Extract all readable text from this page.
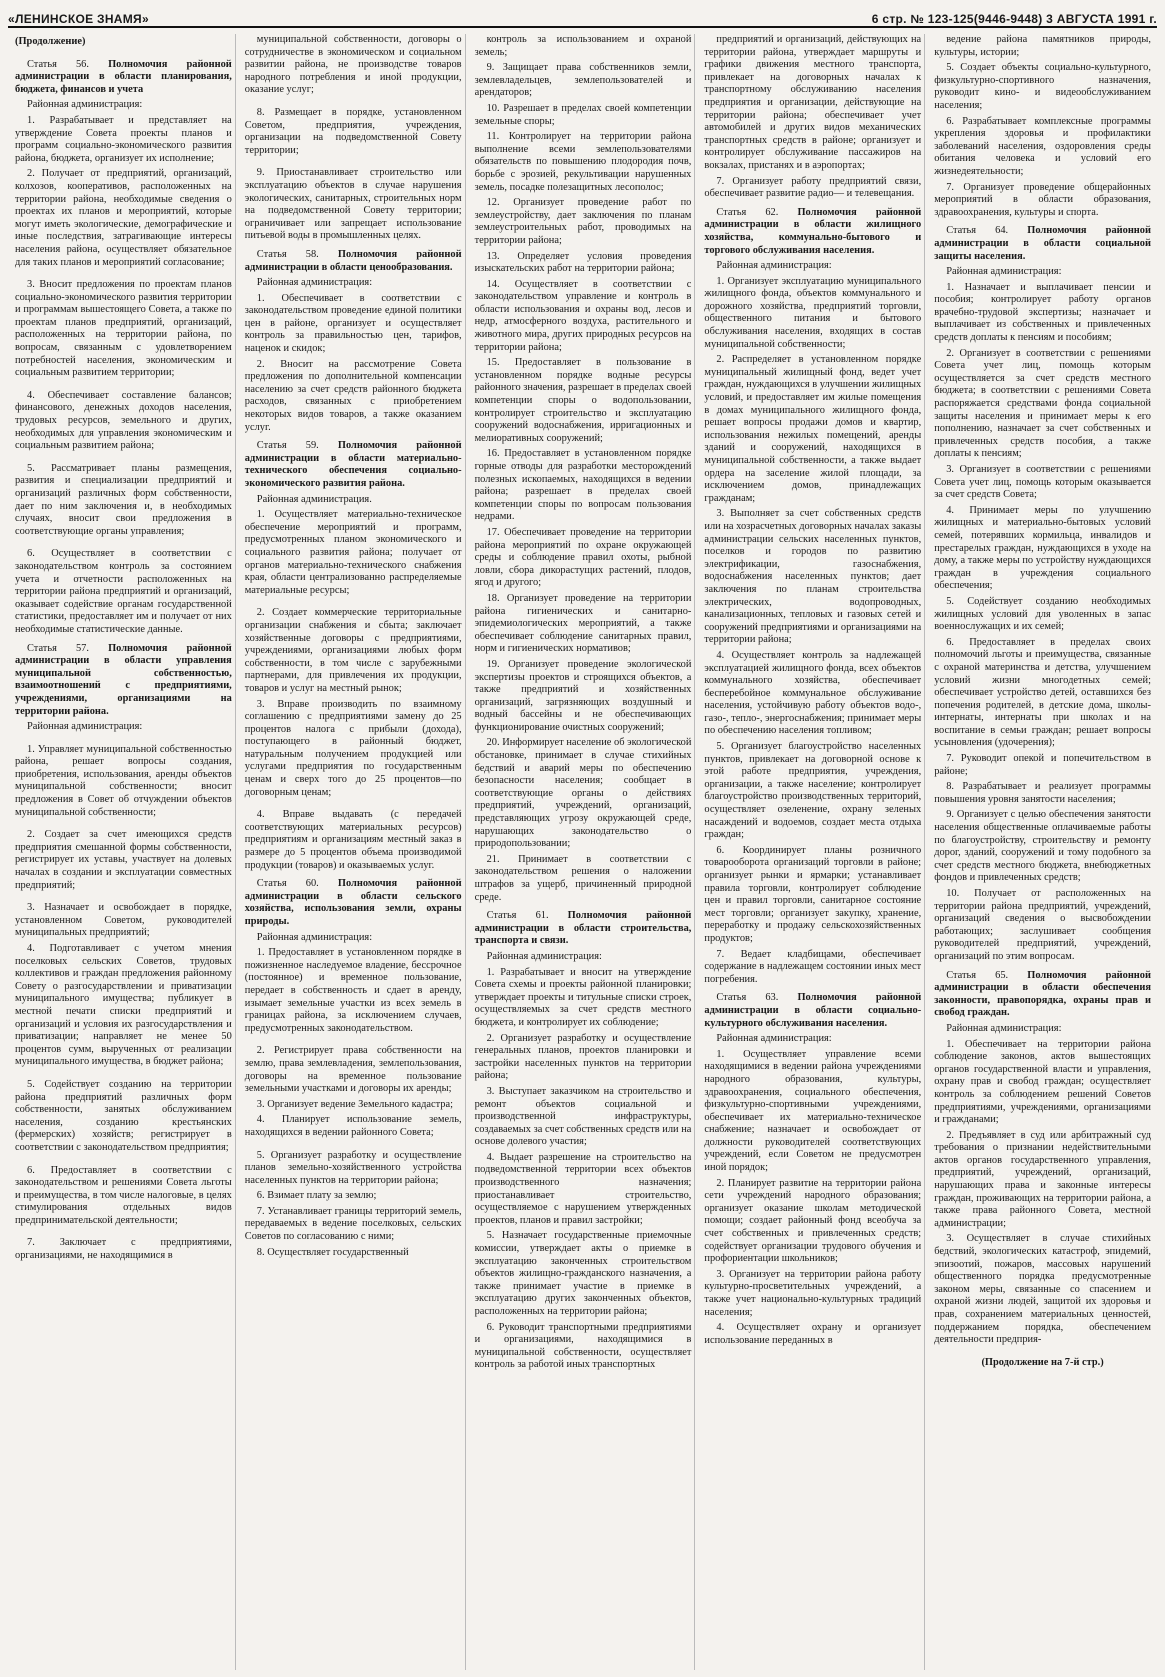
«ЛЕНИНСКОЕ ЗНАМЯ»	6 стр. № 123-125(9446-9448) 3 АВГУСТА 1991 г.
(Продолжение)
Статья 56. Полномочия районной администрации в области планирования, бюджета, финансов и учета

Районная администрация:

1. Разрабатывает и представляет на утверждение Совета проекты планов и программ социально-экономического развития района, бюджета, организует их исполнение;

2. Получает от предприятий, организаций, колхозов, кооперативов, расположенных на территории района, необходимые сведения о проектах их планов и мероприятий, которые могут иметь экологические, демографические и иные последствия, затрагивающие интересы населения района, осуществляет обязательное для таких планов и мероприятий согласование;

3. Вносит предложения по проектам планов социально-экономического развития территории и программам вышестоящего Совета, а также по проектам планов предприятий, организаций, расположенных на территории района, по вопросам, связанным с удовлетворением потребностей населения, экономическим и социальным развитием территории;

4. Обеспечивает составление балансов; финансового, денежных доходов населения, трудовых ресурсов, земельного и других, необходимых для управления экономическим и социальным развитием района;

5. Рассматривает планы размещения, развития и специализации предприятий и организаций различных форм собственности, дает по ним заключения и, в необходимых случаях, вносит свои предложения в соответствующие органы управления;

6. Осуществляет в соответствии с законодательством контроль за состоянием учета и отчетности расположенных на территории района предприятий и организаций, оказывает содействие органам государственной статистики, предоставляет им и получает от них необходимые статистические данные.

Статья 57. Полномочия районной администрации в области управления муниципальной собственностью, взаимоотношений с предприятиями, учреждениями, организациями на территории района.

Районная администрация:

1. Управляет муниципальной собственностью района, решает вопросы создания, приобретения, использования, аренды объектов муниципальной собственности; вносит предложения в Совет об отчуждении объектов муниципальной собственности;

2. Создает за счет имеющихся средств предприятия смешанной формы собственности, регистрирует их уставы, участвует на долевых началах в создании и эксплуатации совместных предприятий;

3. Назначает и освобождает в порядке, установленном Советом, руководителей муниципальных предприятий;

4. Подготавливает с учетом мнения поселковых сельских Советов, трудовых коллективов и граждан предложения районному Совету о разгосударствлении и приватизации муниципального имущества; публикует в местной печати списки предприятий и организаций и условия их разгосударствления и приватизации; направляет не менее 50 процентов сумм, вырученных от реализации муниципального имущества, в бюджет района;

5. Содействует созданию на территории района предприятий различных форм собственности, занятых обслуживанием населения, созданию крестьянских (фермерских) хозяйств; регистрирует в соответствии с законодательством предприятия;

6. Предоставляет в соответствии с законодательством и решениями Совета льготы и преимущества, в том числе налоговые, в целях стимулирования отдельных видов предпринимательской деятельности;

7. Заключает с предприятиями, организациями, не находящимися в

муниципальной собственности, договоры о сотрудничестве в экономическом и социальном развитии района, не производстве товаров народного потребления и иной продукции, оказание услуг;

8. Размещает в порядке, установленном Советом, предприятия, учреждения, организации на подведомственной Совету территории;

9. Приостанавливает строительство или эксплуатацию объектов в случае нарушения экологических, санитарных, строительных норм на подведомственной Совету территории; ограничивает или запрещает использование питьевой воды в промышленных целях.

Статья 58. Полномочия районной администрации в области ценообразования.

Районная администрация:

1. Обеспечивает в соответствии с законодательством проведение единой политики цен в районе, организует и осуществляет контроль за правильностью цен, тарифов, наценок и скидок;

2. Вносит на рассмотрение Совета предложения по дополнительной компенсации населению за счет средств районного бюджета расходов, связанных с приобретением некоторых видов товаров, а также оказанием услуг.

Статья 59. Полномочия районной администрации в области материально-технического обеспечения социально-экономического развития района.

Районная администрация.

1. Осуществляет материально-техническое обеспечение мероприятий и программ, предусмотренных планом экономического и социального развития района; получает от органов материально-технического снабжения края, области централизованно распределяемые материальные ресурсы;

2. Создает коммерческие территориальные организации снабжения и сбыта; заключает хозяйственные договоры с предприятиями, учреждениями, организациями любых форм собственности, в том числе с зарубежными партнерами, для привлечения их продукции, товаров и услуг на местный рынок;

3. Вправе производить по взаимному соглашению с предприятиями замену до 25 процентов налога с прибыли (дохода), поступающего в районный бюджет, натуральным получением продукцией или услугами предприятия по государственным ценам и сверх того до 25 процентов—по договорным ценам;

4. Вправе выдавать (с передачей соответствующих материальных ресурсов) предприятиям и организациям местный заказ в размере до 5 процентов объема производимой продукции (товаров) и оказываемых услуг.

Статья 60. Полномочия районной администрации в области сельского хозяйства, использования земли, охраны природы.

Районная администрация:

1. Предоставляет в установленном порядке в пожизненное наследуемое владение, бессрочное (постоянное) и временное пользование, передает в собственность и сдает в аренду, изымает земельные участки из всех земель в границах района, за исключением случаев, предусмотренных законодательством.

2. Регистрирует права собственности на землю, права землевладения, землепользования, договоры на временное пользование земельными участками и договоры их аренды;

3. Организует ведение Земельного кадастра;

4. Планирует использование земель, находящихся в ведении районного Совета;

5. Организует разработку и осуществление планов земельно-хозяйственного устройства населенных пунктов на территории района;

6. Взимает плату за землю;

7. Устанавливает границы территорий земель, передаваемых в ведение поселковых, сельских Советов по согласованию с ними;

8. Осуществляет государственный

контроль за использованием и охраной земель;

9. Защищает права собственников земли, землевладельцев, землепользователей и арендаторов;

10. Разрешает в пределах своей компетенции земельные споры;

11. Контролирует на территории района выполнение всеми землепользователями обязательств по повышению плодородия почв, борьбе с эрозией, рекультивации нарушенных земель, посадке полезащитных лесополос;

12. Организует проведение работ по землеустройству, дает заключения по планам землеустроительных работ, проводимых на территории района;

13. Определяет условия проведения изыскательских работ на территории района;

14. Осуществляет в соответствии с законодательством управление и контроль в области использования и охраны вод, лесов и недр, атмосферного воздуха, растительного и животного мира, других природных ресурсов на территории района;

15. Предоставляет в пользование в установленном порядке водные ресурсы районного значения, разрешает в пределах своей компетенции споры о водопользовании, контролирует строительство и эксплуатацию сооружений водоснабжения, ирригационных и мелиоративных сооружений;

16. Предоставляет в установленном порядке горные отводы для разработки месторождений полезных ископаемых, находящихся в ведении района; разрешает в пределах своей компетенции споры по вопросам пользования недрами.

17. Обеспечивает проведение на территории района мероприятий по охране окружающей среды и соблюдение правил охоты, рыбной ловли, сбора дикорастущих растений, плодов, ягод и другого;

18. Организует проведение на территории района гигиенических и санитарно-эпидемиологических мероприятий, а также обеспечивает соблюдение санитарных правил, норм и гигиенических нормативов;

19. Организует проведение экологической экспертизы проектов и строящихся объектов, а также предприятий и хозяйственных организаций, загрязняющих воздушный и водный бассейны и не обеспечивающих функционирование очистных сооружений;

20. Информирует население об экологической обстановке, принимает в случае стихийных бедствий и аварий меры по обеспечению безопасности населения; сообщает в соответствующие органы о действиях предприятий, учреждений, организаций, представляющих угрозу окружающей среде, нарушающих законодательство о природопользовании;

21. Принимает в соответствии с законодательством решения о наложении штрафов за ущерб, причиненный природной среде.

Статья 61. Полномочия районной администрации в области строительства, транспорта и связи.

Районная администрация:

1. Разрабатывает и вносит на утверждение Совета схемы и проекты районной планировки; утверждает проекты и титульные списки строек, осуществляемых за счет средств местного бюджета, и контролирует их соблюдение;

2. Организует разработку и осуществление генеральных планов, проектов планировки и застройки населенных пунктов на территории района;

3. Выступает заказчиком на строительство и ремонт объектов социальной и производственной инфраструктуры, создаваемых за счет собственных средств или на основе долевого участия;

4. Выдает разрешение на строительство на подведомственной территории всех объектов производственного назначения; приостанавливает строительство, осуществляемое с нарушением утвержденных проектов, планов и правил застройки;

5. Назначает государственные приемочные комиссии, утверждает акты о приемке в эксплуатацию законченных строительством объектов жилищно-гражданского назначения, а также принимает участие в приемке в эксплуатацию других законченных объектов, расположенных на территории района;

6. Руководит транспортными предприятиями и организациями, находящимися в муниципальной собственности, осуществляет контроль за работой иных транспортных

предприятий и организаций, действующих на территории района, утверждает маршруты и графики движения местного транспорта, привлекает на договорных началах к транспортному обслуживанию населения предприятия и организации, действующие на территории района; обеспечивает учет автомобилей и других видов механических транспортных средств в районе; организует и контролирует обслуживание пассажиров на вокзалах, пристанях и в аэропортах;

7. Организует работу предприятий связи, обеспечивает развитие радио— и телевещания.

Статья 62. Полномочия районной администрации в области жилищного хозяйства, коммунально-бытового и торгового обслуживания населения.

Районная администрация:

1. Организует эксплуатацию муниципального жилищного фонда, объектов коммунального и дорожного хозяйства, предприятий торговли, общественного питания и бытового обслуживания населения, входящих в состав муниципальной собственности;

2. Распределяет в установленном порядке муниципальный жилищный фонд, ведет учет граждан, нуждающихся в улучшении жилищных условий, и предоставляет им жилые помещения в домах муниципального жилищного фонда, решает вопросы продажи домов и квартир, использования нежилых помещений, аренды зданий и сооружений, находящихся в муниципальной собственности, а также выдает ордера на заселение жилой площади, за исключением домов, принадлежащих гражданам;

3. Выполняет за счет собственных средств или на хозрасчетных договорных началах заказы администрации сельских населенных пунктов, поселков и городов по развитию электрификации, газоснабжения, водоснабжения населенных пунктов; дает заключения по планам строительства электрических, водопроводных, канализационных, тепловых и газовых сетей и сооружений предприятиями и организациями на территории района;

4. Осуществляет контроль за надлежащей эксплуатацией жилищного фонда, всех объектов коммунального хозяйства, обеспечивает бесперебойное коммунальное обслуживание населения, устойчивую работу объектов водо-, газо-, тепло-, энергоснабжения; принимает меры по обеспечению населения топливом;

5. Организует благоустройство населенных пунктов, привлекает на договорной основе к этой работе предприятия, учреждения, организации, а также население; контролирует благоустройство производственных территорий, осуществляет озеленение, охрану зеленых насаждений и водоемов, создает места отдыха граждан;

6. Координирует планы розничного товарооборота организаций торговли в районе; организует рынки и ярмарки; устанавливает правила торговли, контролирует соблюдение цен и правил торговли, санитарное состояние мест торговли; организует закупку, хранение, переработку и продажу сельскохозяйственных продуктов;

7. Ведает кладбищами, обеспечивает содержание в надлежащем состоянии иных мест погребения.

Статья 63. Полномочия районной администрации в области социально-культурного обслуживания населения.

Районная администрация:

1. Осуществляет управление всеми находящимися в ведении района учреждениями народного образования, культуры, здравоохранения, социального обеспечения, физкультурно-спортивными учреждениями, обеспечивает их материально-техническое снабжение; назначает и освобождает от должности руководителей соответствующих учреждений, если Советом не предусмотрен иной порядок;

2. Планирует развитие на территории района сети учреждений народного образования; организует оказание школам методической помощи; создает районный фонд всеобуча за счет собственных и привлеченных средств; содействует организации трудового обучения и профориентации школьников;

3. Организует на территории района работу культурно-просветительных учреждений, а также учет национально-культурных традиций населения;

4. Осуществляет охрану и организует использование переданных в

ведение района памятников природы, культуры, истории;

5. Создает объекты социально-культурного, физкультурно-спортивного назначения, руководит кино- и видеообслуживанием населения;

6. Разрабатывает комплексные программы укрепления здоровья и профилактики заболеваний населения, оздоровления среды обитания человека и условий его жизнедеятельности;

7. Организует проведение общерайонных мероприятий в области образования, здравоохранения, культуры и спорта.

Статья 64. Полномочия районной администрации в области социальной защиты населения.

Районная администрация:

1. Назначает и выплачивает пенсии и пособия; контролирует работу органов врачебно-трудовой экспертизы; назначает и выплачивает из собственных и привлеченных средств доплаты к пенсиям и пособиям;

2. Организует в соответствии с решениями Совета учет лиц, помощь которым осуществляется за счет средств местного бюджета; в соответствии с решениями Совета распоряжается средствами фонда социальной защиты населения и принимает меры к его пополнению, назначает за счет собственных и привлеченных средств пособия, а также доплаты к пенсиям;

3. Организует в соответствии с решениями Совета учет лиц, помощь которым оказывается за счет средств Совета;

4. Принимает меры по улучшению жилищных и материально-бытовых условий семей, потерявших кормильца, инвалидов и престарелых граждан, нуждающихся в уходе на дому, а также меры по устройству нуждающихся граждан в учреждения социального обеспечения;

5. Содействует созданию необходимых жилищных условий для уволенных в запас военнослужащих и их семей;

6. Предоставляет в пределах своих полномочий льготы и преимущества, связанные с охраной материнства и детства, улучшением условий жизни многодетных семей; обеспечивает устройство детей, оставшихся без попечения родителей, в детские дома, школы-интернаты, интернаты при школах и на воспитание в семьи граждан; решает вопросы усыновления (удочерения);

7. Руководит опекой и попечительством в районе;

8. Разрабатывает и реализует программы повышения уровня занятости населения;

9. Организует с целью обеспечения занятости населения общественные оплачиваемые работы по благоустройству, строительству и ремонту дорог, зданий, сооружений и тому подобного за счет средств местного бюджета, внебюджетных фондов и привлеченных средств;

10. Получает от расположенных на территории района предприятий, учреждений, организаций сведения о высвобождении работающих; заслушивает сообщения руководителей предприятий, учреждений, организаций по этим вопросам.

Статья 65. Полномочия районной администрации в области обеспечения законности, правопорядка, охраны прав и свобод граждан.

Районная администрация:

1. Обеспечивает на территории района соблюдение законов, актов вышестоящих органов государственной власти и управления, охрану прав и свобод граждан; осуществляет контроль за соблюдением решений Советов предприятиями, учреждениями, организациями и гражданами;

2. Предъявляет в суд или арбитражный суд требования о признании недействительными актов органов государственного управления, предприятий, учреждений, организаций, нарушающих права и законные интересы граждан, проживающих на территории района, а также права районного Совета, местной администрации;

3. Осуществляет в случае стихийных бедствий, экологических катастроф, эпидемий, эпизоотий, пожаров, массовых нарушений общественного порядка предусмотренные законом меры, связанные со спасением и охраной жизни людей, защитой их здоровья и прав, сохранением материальных ценностей, поддержанием порядка, обеспечением деятельности предприя-

(Продолжение на 7-й стр.)
